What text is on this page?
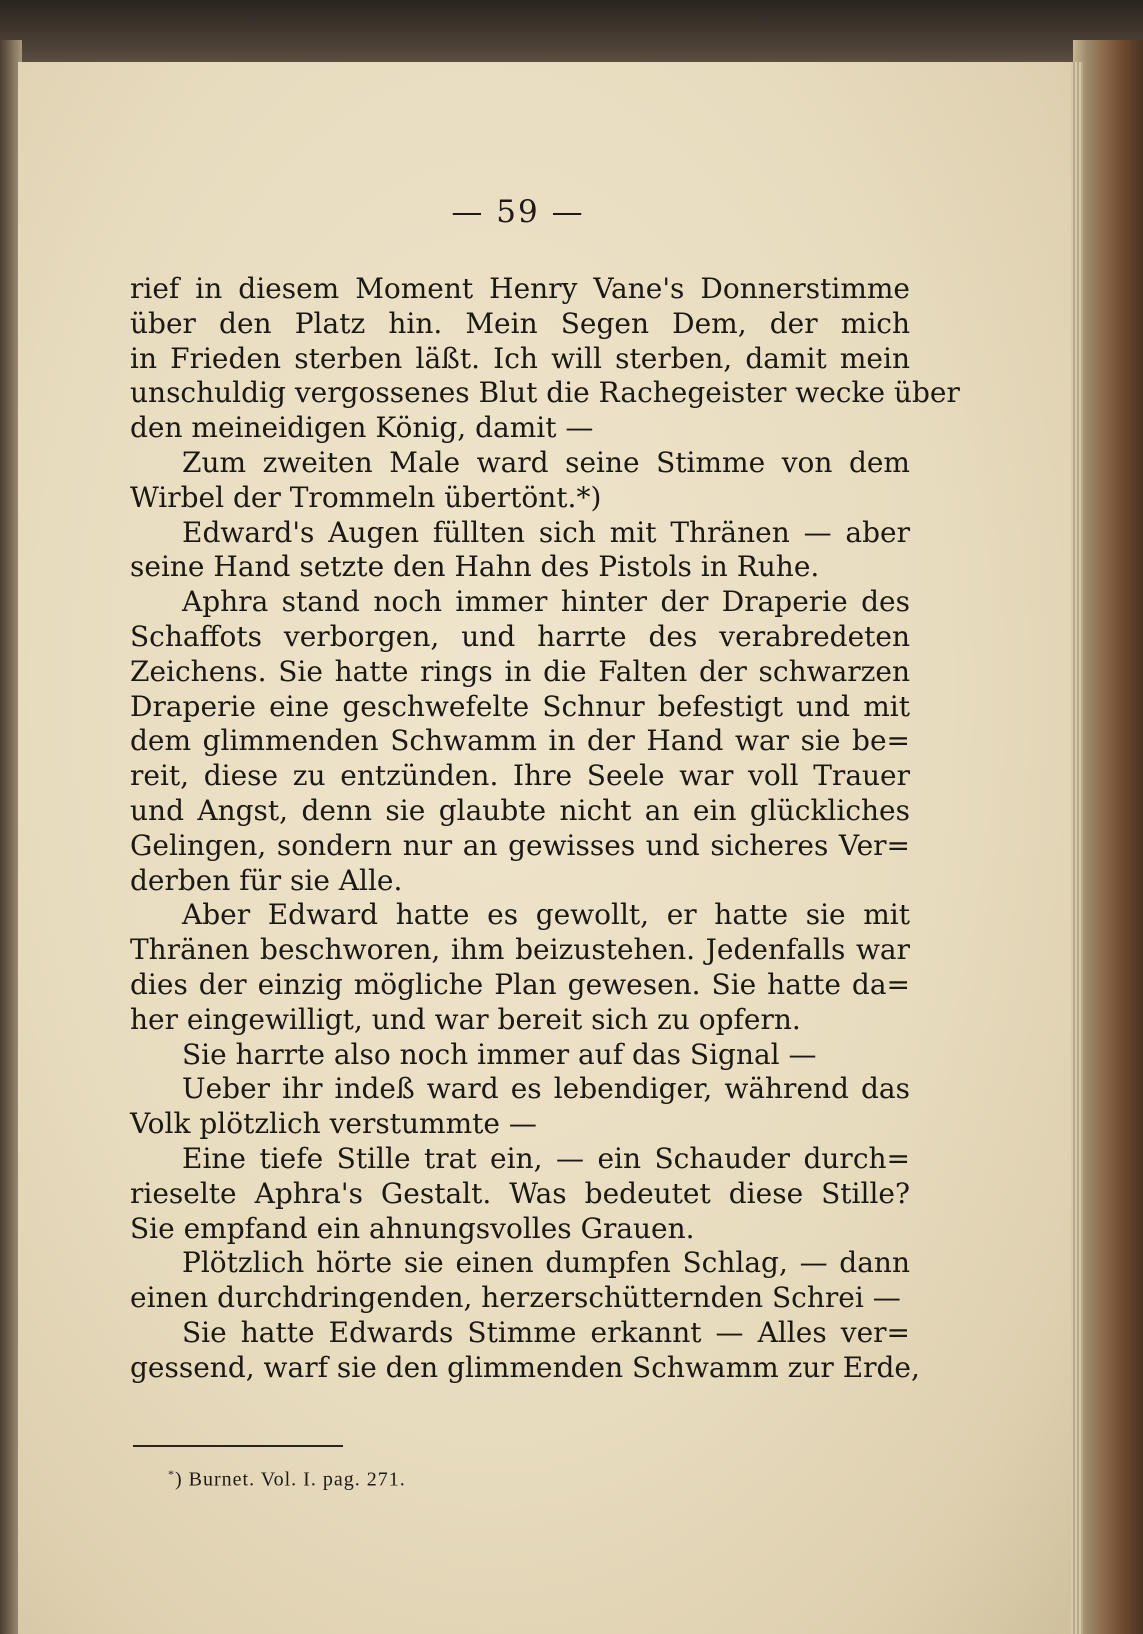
— 59 —
rief in diesem Moment Henry Vane's Donnerstimme
über den Platz hin. Mein Segen Dem, der mich
in Frieden sterben läßt. Ich will sterben, damit mein
unschuldig vergossenes Blut die Rachegeister wecke über
den meineidigen König, damit —
Zum zweiten Male ward seine Stimme von dem
Wirbel der Trommeln übertönt.*)
Edward's Augen füllten sich mit Thränen — aber
seine Hand setzte den Hahn des Pistols in Ruhe.
Aphra stand noch immer hinter der Draperie des
Schaffots verborgen, und harrte des verabredeten
Zeichens. Sie hatte rings in die Falten der schwarzen
Draperie eine geschwefelte Schnur befestigt und mit
dem glimmenden Schwamm in der Hand war sie be=
reit, diese zu entzünden. Ihre Seele war voll Trauer
und Angst, denn sie glaubte nicht an ein glückliches
Gelingen, sondern nur an gewisses und sicheres Ver=
derben für sie Alle.
Aber Edward hatte es gewollt, er hatte sie mit
Thränen beschworen, ihm beizustehen. Jedenfalls war
dies der einzig mögliche Plan gewesen. Sie hatte da=
her eingewilligt, und war bereit sich zu opfern.
Sie harrte also noch immer auf das Signal —
Ueber ihr indeß ward es lebendiger, während das
Volk plötzlich verstummte —
Eine tiefe Stille trat ein, — ein Schauder durch=
rieselte Aphra's Gestalt. Was bedeutet diese Stille?
Sie empfand ein ahnungsvolles Grauen.
Plötzlich hörte sie einen dumpfen Schlag, — dann
einen durchdringenden, herzerschütternden Schrei —
Sie hatte Edwards Stimme erkannt — Alles ver=
gessend, warf sie den glimmenden Schwamm zur Erde,
*) Burnet. Vol. I. pag. 271.
